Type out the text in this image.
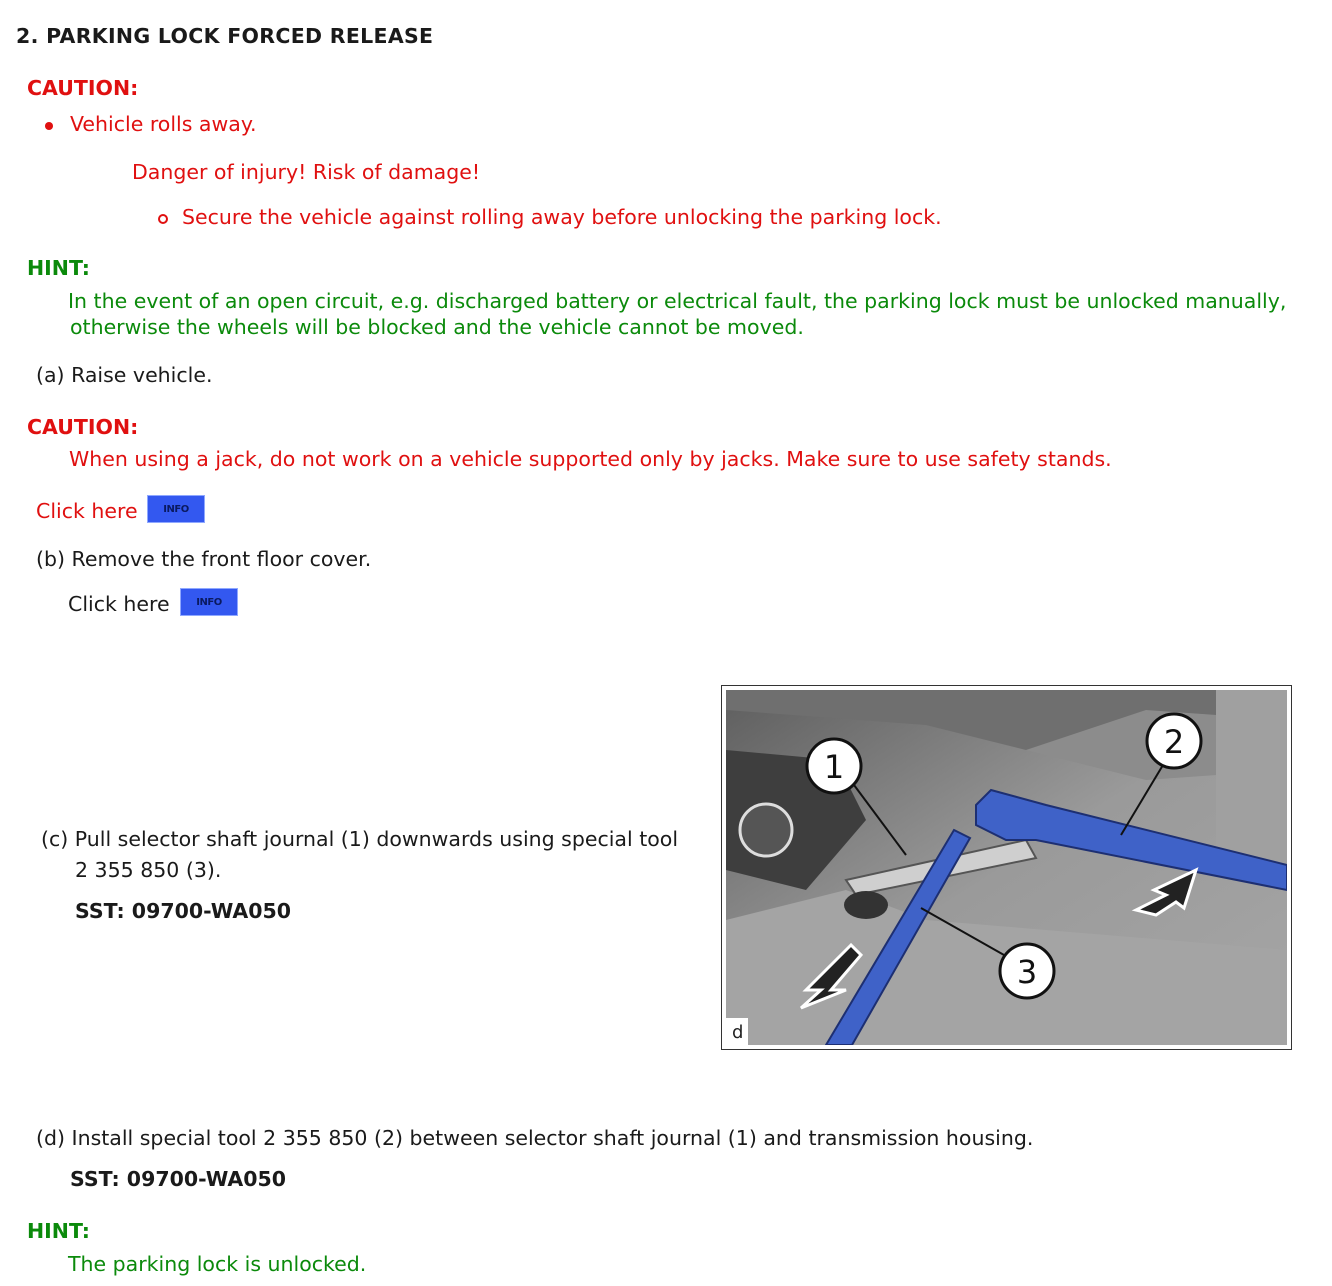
2. PARKING LOCK FORCED RELEASE
CAUTION:
Vehicle rolls away.
Danger of injury! Risk of damage!
Secure the vehicle against rolling away before unlocking the parking lock.
HINT:
In the event of an open circuit, e.g. discharged battery or electrical fault, the parking lock must be unlocked manually,
otherwise the wheels will be blocked and the vehicle cannot be moved.
(a) Raise vehicle.
CAUTION:
When using a jack, do not work on a vehicle supported only by jacks. Make sure to use safety stands.
Click here	INFO
(b) Remove the front floor cover.
Click here	INFO
(c) Pull selector shaft journal (1) downwards using special tool
2 355 850 (3).
SST: 09700-WA050
1
2
3
d
(d) Install special tool 2 355 850 (2) between selector shaft journal (1) and transmission housing.
SST: 09700-WA050
HINT:
The parking lock is unlocked.
